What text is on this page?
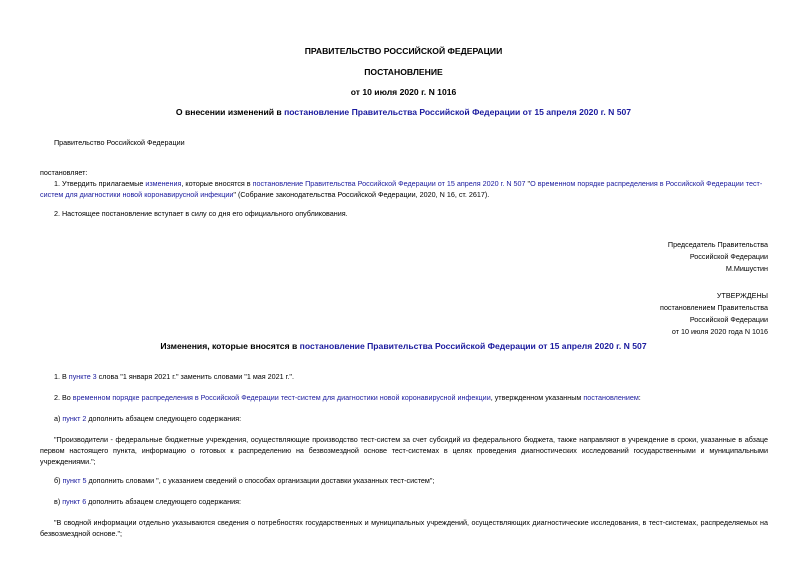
ПРАВИТЕЛЬСТВО РОССИЙСКОЙ ФЕДЕРАЦИИ
ПОСТАНОВЛЕНИЕ
от 10 июля 2020 г. N 1016
О внесении изменений в постановление Правительства Российской Федерации от 15 апреля 2020 г. N 507
Правительство Российской Федерации
постановляет:
1. Утвердить прилагаемые изменения, которые вносятся в постановление Правительства Российской Федерации от 15 апреля 2020 г. N 507 "О временном порядке распределения в Российской Федерации тест-систем для диагностики новой коронавирусной инфекции" (Собрание законодательства Российской Федерации, 2020, N 16, ст. 2617).
2. Настоящее постановление вступает в силу со дня его официального опубликования.
Председатель Правительства
Российской Федерации
М.Мишустин
УТВЕРЖДЕНЫ
постановлением Правительства
Российской Федерации
от 10 июля 2020 года N 1016
Изменения, которые вносятся в постановление Правительства Российской Федерации от 15 апреля 2020 г. N 507
1. В пункте 3 слова "1 января 2021 г." заменить словами "1 мая 2021 г.".
2. Во временном порядке распределения в Российской Федерации тест-систем для диагностики новой коронавирусной инфекции, утвержденном указанным постановлением:
а) пункт 2 дополнить абзацем следующего содержания:
"Производители - федеральные бюджетные учреждения, осуществляющие производство тест-систем за счет субсидий из федерального бюджета, также направляют в учреждение в сроки, указанные в абзаце первом настоящего пункта, информацию о готовых к распределению на безвозмездной основе тест-системах в целях проведения диагностических исследований государственными и муниципальными учреждениями.";
б) пункт 5 дополнить словами ", с указанием сведений о способах организации доставки указанных тест-систем";
в) пункт 6 дополнить абзацем следующего содержания:
"В сводной информации отдельно указываются сведения о потребностях государственных и муниципальных учреждений, осуществляющих диагностические исследования, в тест-системах, распределяемых на безвозмездной основе.";
